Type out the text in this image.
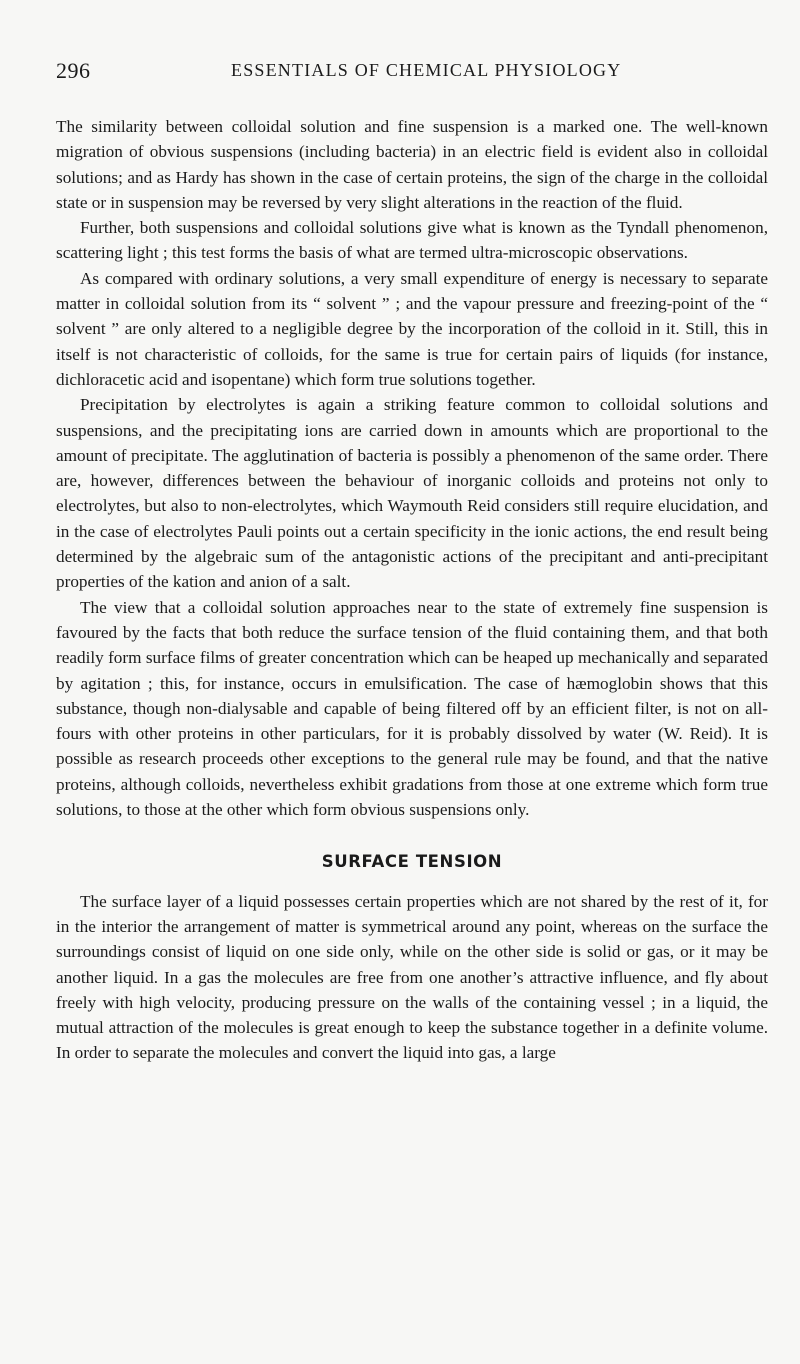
296	ESSENTIALS OF CHEMICAL PHYSIOLOGY

The similarity between colloidal solution and fine suspension is a marked one. The well-known migration of obvious suspensions (including bacteria) in an electric field is evident also in colloidal solutions; and as Hardy has shown in the case of certain proteins, the sign of the charge in the colloidal state or in suspension may be reversed by very slight alterations in the reaction of the fluid.

Further, both suspensions and colloidal solutions give what is known as the Tyndall phenomenon, scattering light ; this test forms the basis of what are termed ultra-microscopic observations.

As compared with ordinary solutions, a very small expenditure of energy is necessary to separate matter in colloidal solution from its “ solvent ” ; and the vapour pressure and freezing-point of the “ solvent ” are only altered to a negligible degree by the incorporation of the colloid in it. Still, this in itself is not characteristic of colloids, for the same is true for certain pairs of liquids (for instance, dichloracetic acid and isopentane) which form true solutions together.

Precipitation by electrolytes is again a striking feature common to colloidal solutions and suspensions, and the precipitating ions are carried down in amounts which are proportional to the amount of precipitate. The agglutination of bacteria is possibly a phenomenon of the same order. There are, however, differences between the behaviour of inorganic colloids and proteins not only to electrolytes, but also to non-electrolytes, which Waymouth Reid considers still require elucidation, and in the case of electrolytes Pauli points out a certain specificity in the ionic actions, the end result being determined by the algebraic sum of the antagonistic actions of the precipitant and anti-precipitant properties of the kation and anion of a salt.

The view that a colloidal solution approaches near to the state of extremely fine suspension is favoured by the facts that both reduce the surface tension of the fluid containing them, and that both readily form surface films of greater concentration which can be heaped up mechanically and separated by agitation ; this, for instance, occurs in emulsification. The case of hæmoglobin shows that this substance, though non-dialysable and capable of being filtered off by an efficient filter, is not on all-fours with other proteins in other particulars, for it is probably dissolved by water (W. Reid). It is possible as research proceeds other exceptions to the general rule may be found, and that the native proteins, although colloids, nevertheless exhibit gradations from those at one extreme which form true solutions, to those at the other which form obvious suspensions only.

SURFACE TENSION

The surface layer of a liquid possesses certain properties which are not shared by the rest of it, for in the interior the arrangement of matter is symmetrical around any point, whereas on the surface the surroundings consist of liquid on one side only, while on the other side is solid or gas, or it may be another liquid. In a gas the molecules are free from one another’s attractive influence, and fly about freely with high velocity, producing pressure on the walls of the containing vessel ; in a liquid, the mutual attraction of the molecules is great enough to keep the substance together in a definite volume. In order to separate the molecules and convert the liquid into gas, a large
